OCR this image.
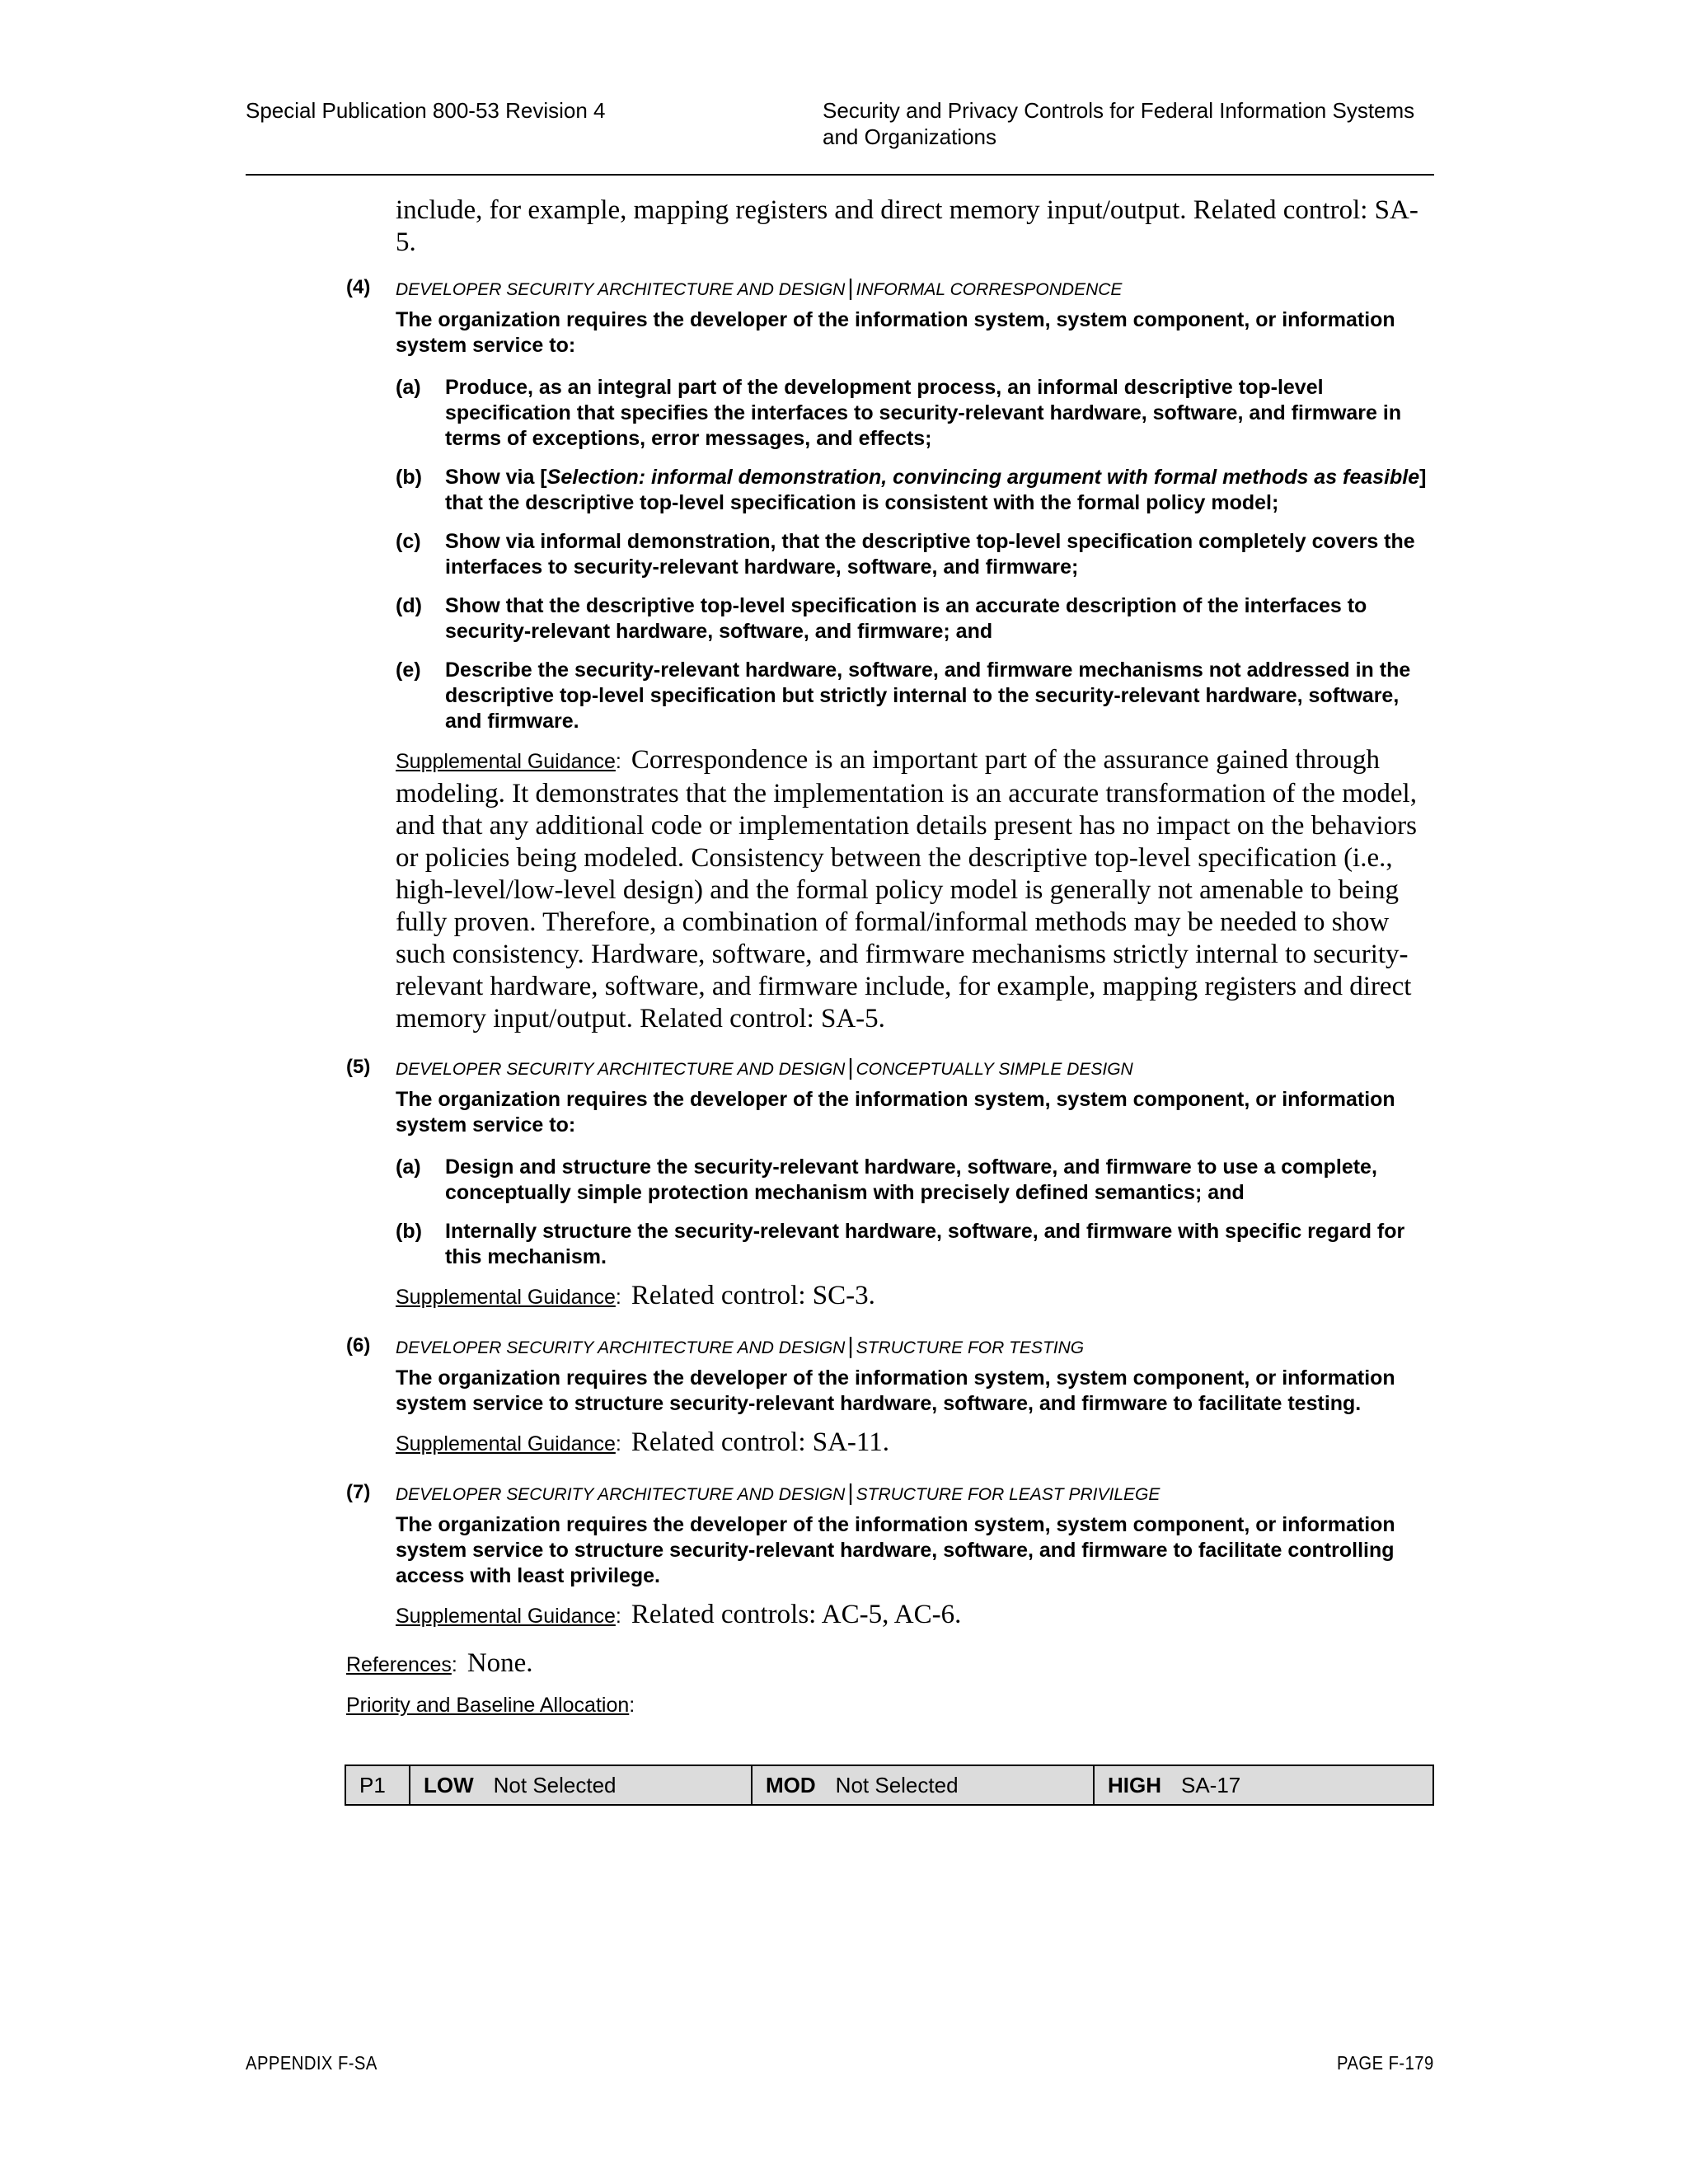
Special Publication 800-53 Revision 4	Security and Privacy Controls for Federal Information Systems
and Organizations

include, for example, mapping registers and direct memory input/output. Related control: SA-
5.

(4) DEVELOPER SECURITY ARCHITECTURE AND DESIGN | INFORMAL CORRESPONDENCE
The organization requires the developer of the information system, system component, or information system service to:
(a) Produce, as an integral part of the development process, an informal descriptive top-level specification that specifies the interfaces to security-relevant hardware, software, and firmware in terms of exceptions, error messages, and effects;
(b) Show via [Selection: informal demonstration, convincing argument with formal methods as feasible] that the descriptive top-level specification is consistent with the formal policy model;
(c) Show via informal demonstration, that the descriptive top-level specification completely covers the interfaces to security-relevant hardware, software, and firmware;
(d) Show that the descriptive top-level specification is an accurate description of the interfaces to security-relevant hardware, software, and firmware; and
(e) Describe the security-relevant hardware, software, and firmware mechanisms not addressed in the descriptive top-level specification but strictly internal to the security-relevant hardware, software, and firmware.
Supplemental Guidance: Correspondence is an important part of the assurance gained through modeling. It demonstrates that the implementation is an accurate transformation of the model, and that any additional code or implementation details present has no impact on the behaviors or policies being modeled. Consistency between the descriptive top-level specification (i.e., high-level/low-level design) and the formal policy model is generally not amenable to being fully proven. Therefore, a combination of formal/informal methods may be needed to show such consistency. Hardware, software, and firmware mechanisms strictly internal to security-relevant hardware, software, and firmware include, for example, mapping registers and direct memory input/output. Related control: SA-5.
(5) DEVELOPER SECURITY ARCHITECTURE AND DESIGN | CONCEPTUALLY SIMPLE DESIGN
The organization requires the developer of the information system, system component, or information system service to:
(a) Design and structure the security-relevant hardware, software, and firmware to use a complete, conceptually simple protection mechanism with precisely defined semantics; and
(b) Internally structure the security-relevant hardware, software, and firmware with specific regard for this mechanism.
Supplemental Guidance: Related control: SC-3.
(6) DEVELOPER SECURITY ARCHITECTURE AND DESIGN | STRUCTURE FOR TESTING
The organization requires the developer of the information system, system component, or information system service to structure security-relevant hardware, software, and firmware to facilitate testing.
Supplemental Guidance: Related control: SA-11.
(7) DEVELOPER SECURITY ARCHITECTURE AND DESIGN | STRUCTURE FOR LEAST PRIVILEGE
The organization requires the developer of the information system, system component, or information system service to structure security-relevant hardware, software, and firmware to facilitate controlling access with least privilege.
Supplemental Guidance: Related controls: AC-5, AC-6.
References: None.
Priority and Baseline Allocation:
P1 LOW Not Selected	MOD Not Selected	HIGH SA-17
APPENDIX F-SA	PAGE F-179
